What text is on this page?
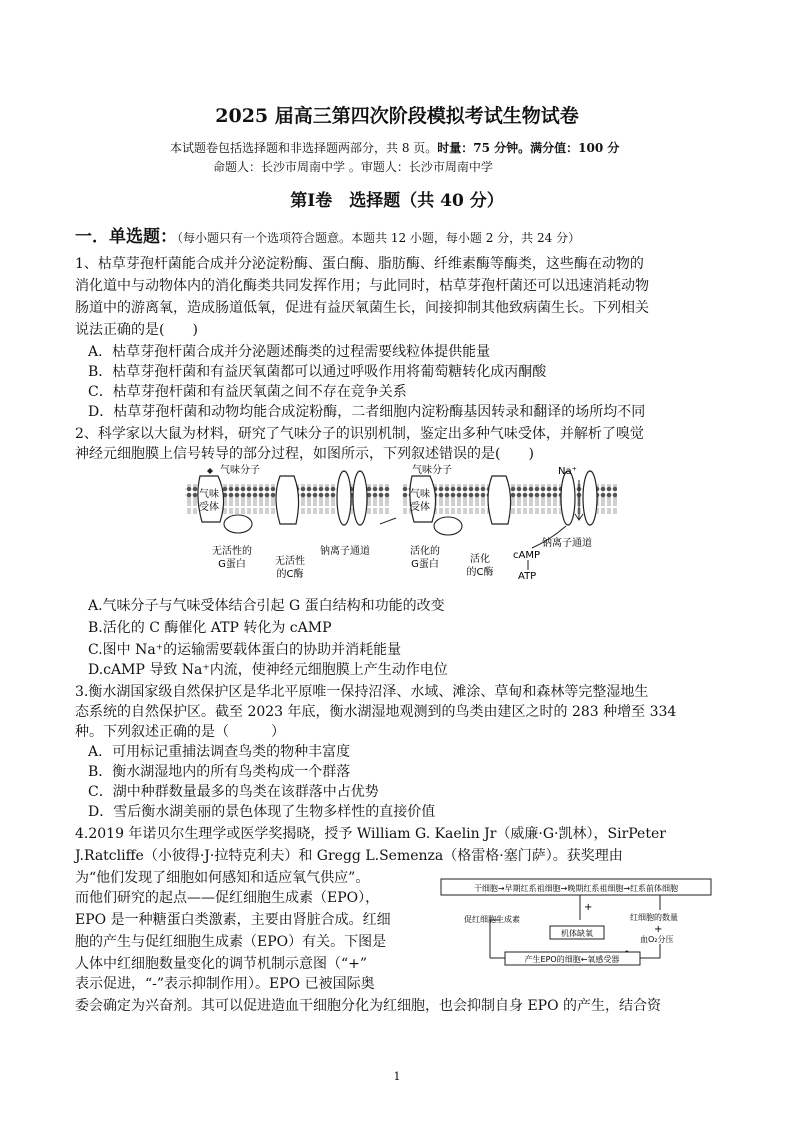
2025 届高三第四次阶段模拟考试生物试卷
本试题卷包括选择题和非选择题两部分，共 8 页。时量：75 分钟。满分值：100 分
命题人：长沙市周南中学 。审题人：长沙市周南中学
第Ⅰ卷　选择题（共 40 分）
一．单选题：（每小题只有一个选项符合题意。本题共 12 小题，每小题 2 分，共 24 分）
1、枯草芽孢杆菌能合成并分泌淀粉酶、蛋白酶、脂肪酶、纤维素酶等酶类，这些酶在动物的
消化道中与动物体内的消化酶类共同发挥作用；与此同时，枯草芽孢杆菌还可以迅速消耗动物
肠道中的游离氧，造成肠道低氧，促进有益厌氧菌生长，间接抑制其他致病菌生长。下列相关
说法正确的是(　　)
A．枯草芽孢杆菌合成并分泌题述酶类的过程需要线粒体提供能量
B．枯草芽孢杆菌和有益厌氧菌都可以通过呼吸作用将葡萄糖转化成丙酮酸
C．枯草芽孢杆菌和有益厌氧菌之间不存在竞争关系
D．枯草芽孢杆菌和动物均能合成淀粉酶，二者细胞内淀粉酶基因转录和翻译的场所均不同
2、科学家以大鼠为材料，研究了气味分子的识别机制，鉴定出多种气味受体，并解析了嗅觉
神经元细胞膜上信号转导的部分过程，如图所示，下列叙述错误的是(　　)
气味
受体
气味分子
无活性的
G蛋白	无活性
的C酶
钠离子通道
气味
受体
气味分子
活化的
G蛋白	活化
的C酶
cAMP
ATP
Na⁺
钠离子通道
A.气味分子与气味受体结合引起 G 蛋白结构和功能的改变
B.活化的 C 酶催化 ATP 转化为 cAMP
C.图中 Na⁺的运输需要载体蛋白的协助并消耗能量
D.cAMP 导致 Na⁺内流，使神经元细胞膜上产生动作电位
3.衡水湖国家级自然保护区是华北平原唯一保持沼泽、水域、滩涂、草甸和森林等完整湿地生
态系统的自然保护区。截至 2023 年底，衡水湖湿地观测到的鸟类由建区之时的 283 种增至 334
种。下列叙述正确的是（　　　）
A．可用标记重捕法调查鸟类的物种丰富度
B．衡水湖湿地内的所有鸟类构成一个群落
C．湖中种群数量最多的鸟类在该群落中占优势
D．雪后衡水湖美丽的景色体现了生物多样性的直接价值
4.2019 年诺贝尔生理学或医学奖揭晓，授予 William G. Kaelin Jr（威廉·G·凯林），SirPeter
J.Ratcliffe（小彼得·J·拉特克利夫）和 Gregg L.Semenza（格雷格·塞门萨）。获奖理由
为“他们发现了细胞如何感知和适应氧气供应”。
而他们研究的起点——促红细胞生成素（EPO），
EPO 是一种糖蛋白类激素，主要由肾脏合成。红细
胞的产生与促红细胞生成素（EPO）有关。下图是
人体中红细胞数量变化的调节机制示意图（“+”
表示促进，“-”表示抑制作用）。EPO 已被国际奥
委会确定为兴奋剂。其可以促进造血干细胞分化为红细胞，也会抑制自身 EPO 的产生，结合资
干细胞→早期红系祖细胞→晚期红系祖细胞→红系前体细胞
促红细胞生成素
+
机体缺氧
红细胞的数量
+
血O₂分压
产生EPO的细胞←氧感受器
1
